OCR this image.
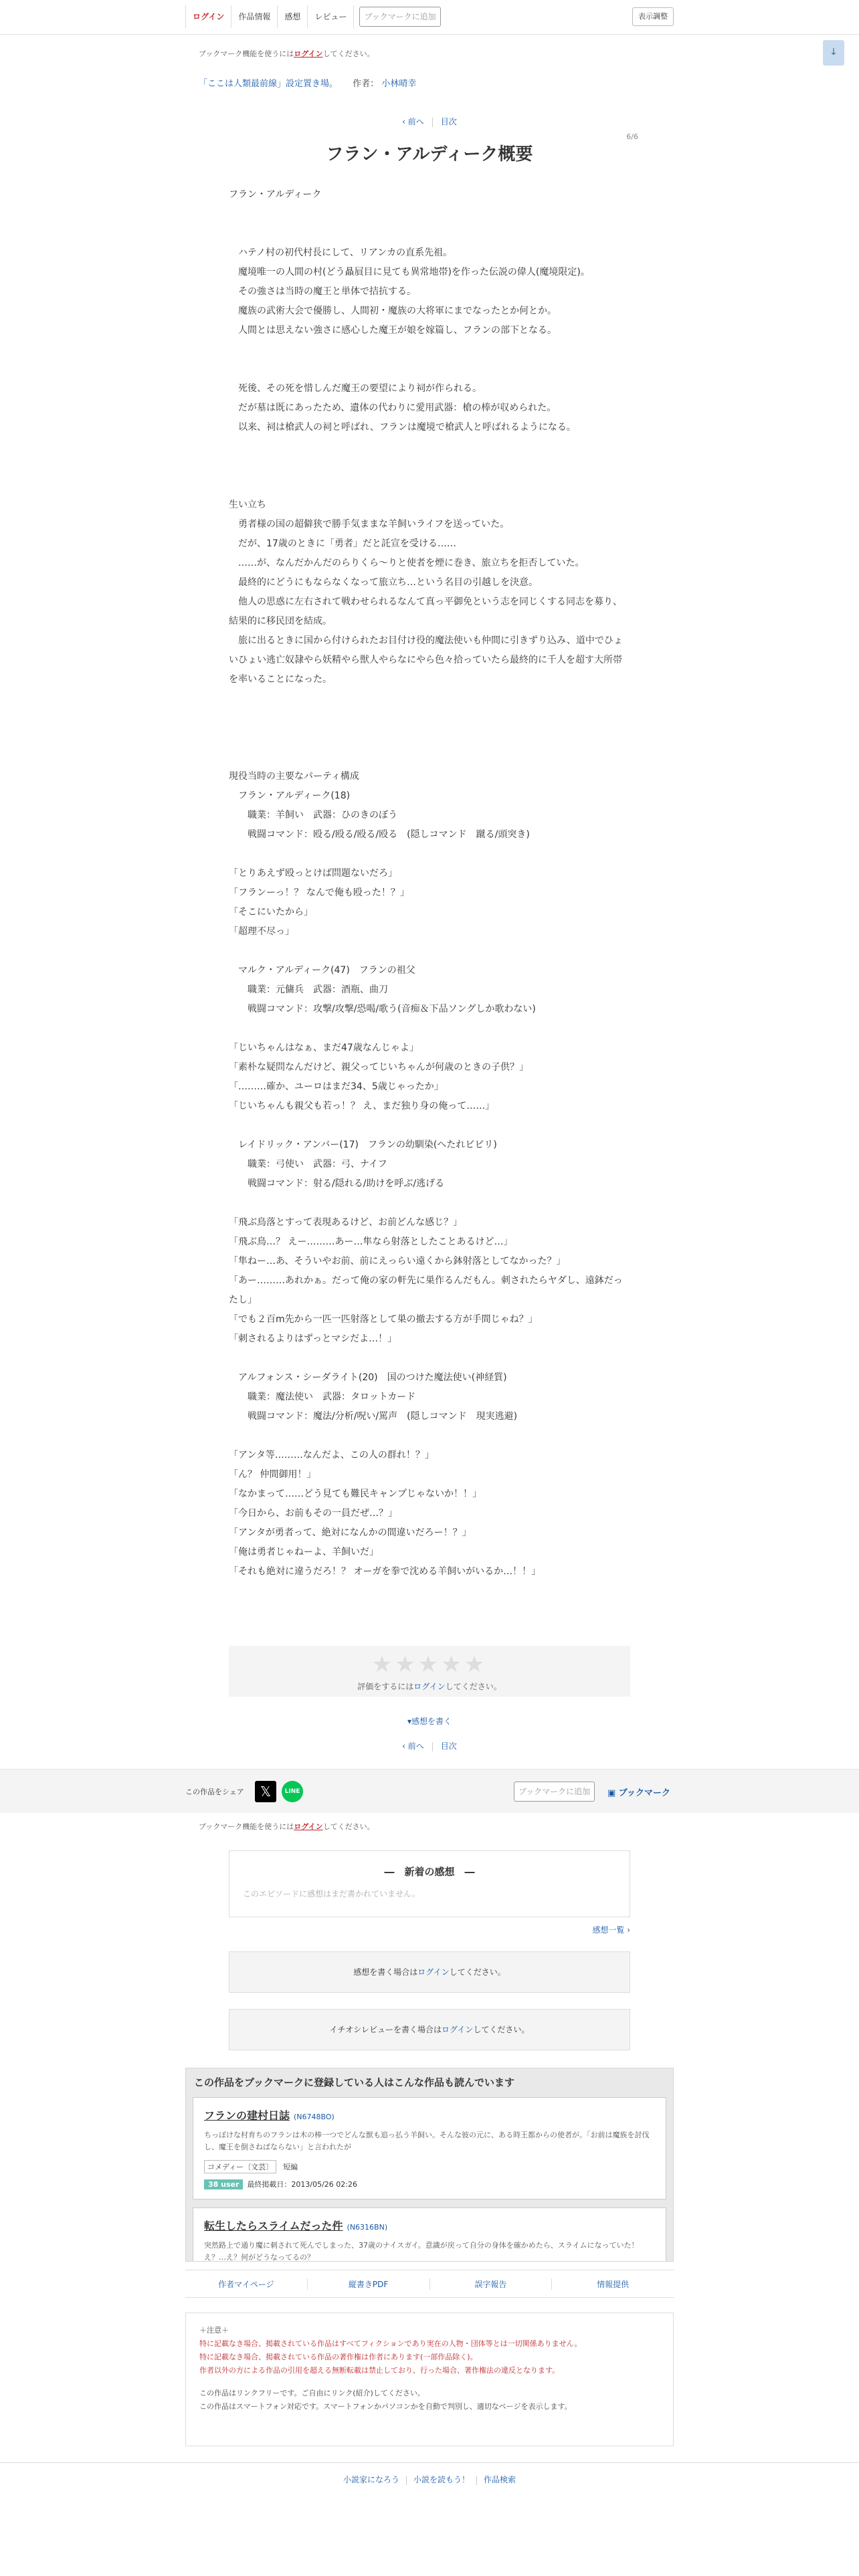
ログイン	作品情報	感想	レビュー	ブックマークに追加	表示調整
↓

ブックマーク機能を使うにはログインしてください。

「ここは人類最前線」設定置き場。 作者： 小林晴幸

‹ 前へ 目次
6/6
フラン・アルディーク概要
フラン・アルディーク
　ハテノ村の初代村長にして、リアンカの直系先祖。
　魔境唯一の人間の村(どう贔屓目に見ても異常地帯)を作った伝説の偉人(魔境限定)。
　その強さは当時の魔王と単体で拮抗する。
　魔族の武術大会で優勝し、人間初・魔族の大将軍にまでなったとか何とか。
　人間とは思えない強さに感心した魔王が娘を嫁篇し、フランの部下となる。
　死後、その死を惜しんだ魔王の要望により祠が作られる。
　だが墓は既にあったため、遺体の代わりに愛用武器：槍の棒が収められた。
　以来、祠は槍武人の祠と呼ばれ、フランは魔境で槍武人と呼ばれるようになる。
生い立ち
　勇者様の国の超僻狭で勝手気ままな羊飼いライフを送っていた。
　だが、17歳のときに「勇者」だと託宣を受ける……
　……が、なんだかんだのらりくら〜りと使者を煙に巻き、旅立ちを拒否していた。
　最終的にどうにもならなくなって旅立ち…という名目の引越しを決意。
　他人の思惑に左右されて戦わせられるなんて真っ平御免という志を同じくする同志を募り、結果的に移民団を結成。
　旅に出るときに国から付けられたお目付け役的魔法使いも仲間に引きずり込み、道中でひょいひょい逃亡奴隷やら妖精やら獣人やらなにやら色々拾っていたら最終的に千人を超す大所帯を率いることになった。
現役当時の主要なパーティ構成
　フラン・アルディーク(18)
　　職業：羊飼い　武器：ひのきのぼう
　　戦闘コマンド：殴る/殴る/殴る/殴る　(隠しコマンド　蹴る/頭突き)
「とりあえず殴っとけば問題ないだろ」
「フランーっ！？ なんで俺も殴った！？」
「そこにいたから」
「超理不尽っ」
　マルク・アルディーク(47)　フランの祖父
　　職業：元傭兵　武器：酒瓶、曲刀
　　戦闘コマンド：攻撃/攻撃/恐喝/歌う(音痴＆下品ソングしか歌わない)
「じいちゃんはなぁ、まだ47歳なんじゃよ」
「素朴な疑問なんだけど、親父ってじいちゃんが何歳のときの子供？」
「………確か、ユーロはまだ34、5歳じゃったか」
「じいちゃんも親父も若っ！？ え、まだ独り身の俺って……」
　レイドリック・アンバー(17)　フランの幼馴染(へたれビビリ)
　　職業：弓使い　武器：弓、ナイフ
　　戦闘コマンド：射る/隠れる/助けを呼ぶ/逃げる
「飛ぶ鳥落とすって表現あるけど、お前どんな感じ？」
「飛ぶ鳥…？ えー………あー…隼なら射落としたことあるけど…」
「隼ねー…あ、そういやお前、前にえっらい遠くから鉢射落としてなかった？」
「あー………あれかぁ。だって俺の家の軒先に巣作るんだもん。刺されたらヤダし、遠鉢だったし」
「でも２百m先から一匹一匹射落として巣の撤去する方が手間じゃね？」
「刺されるよりはずっとマシだよ…！」
　アルフォンス・シーダライト(20)　国のつけた魔法使い(神経質)
　　職業：魔法使い　武器：タロットカード
　　戦闘コマンド：魔法/分析/呪い/罵声　(隠しコマンド　現実逃避)
「アンタ等………なんだよ、この人の群れ！？」
「ん？ 仲間御用！」
「なかまって……どう見ても難民キャンプじゃないか！！」
「今日から、お前もその一員だぜ…？」
「アンタが勇者って、絶対になんかの間違いだろー！？」
「俺は勇者じゃねーよ、羊飼いだ」
「それも絶対に違うだろ！？ オーガを拳で沈める羊飼いがいるか…！！」
★★★★★

評価をするにはログインしてください。

▾感想を書く
‹ 前へ 目次
この作品をシェア	𝕏	LINE	ブックマークに追加	▣ ブックマーク

ブックマーク機能を使うにはログインしてください。

―　新着の感想　―
このエピソードに感想はまだ書かれていません。
感想一覧 ›
感想を書く場合はログインしてください。
イチオシレビューを書く場合はログインしてください。
この作品をブックマークに登録している人はこんな作品も読んでいます
フランの建村日誌 (N6748BO)

ちっぽけな村育ちのフランは木の棒一つでどんな獣も追っ払う羊飼い。そんな彼の元に、ある時王都からの使者が。「お前は魔族を討伐し、魔王を倒さねばならない」と言われたが

コメディー〔文芸〕 短編
38 user 最終掲載日：2013/05/26 02:26
転生したらスライムだった件 (N6316BN)

突然路上で通り魔に刺されて死んでしまった、37歳のナイスガイ。意識が戻って自分の身体を確かめたら、スライムになっていた！ え？…え？何がどうなってるの？

作者マイページ	縦書きPDF	誤字報告	情報提供
＋注意＋
特に記載なき場合、掲載されている作品はすべてフィクションであり実在の人物・団体等とは一切関係ありません。
特に記載なき場合、掲載されている作品の著作権は作者にあります(一部作品除く)。
作者以外の方による作品の引用を超える無断転載は禁止しており、行った場合、著作権法の違反となります。
この作品はリンクフリーです。ご自由にリンク(紹介)してください。
この作品はスマートフォン対応です。スマートフォンかパソコンかを自動で判別し、適切なページを表示します。
小説家になろう 小説を読もう！ 作品検索
